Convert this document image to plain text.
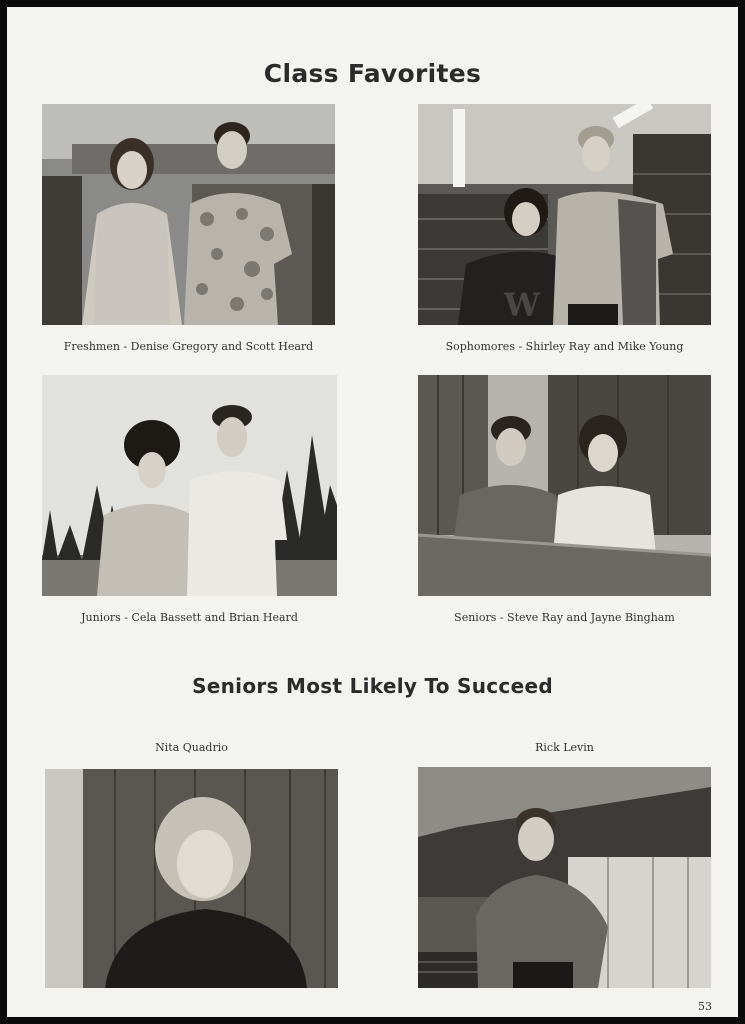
Class Favorites
Freshmen - Denise Gregory and Scott Heard
W
Sophomores - Shirley Ray and Mike Young
Juniors - Cela Bassett and Brian Heard	Seniors - Steve Ray and Jayne Bingham
Seniors Most Likely To Succeed
Nita Quadrio	Rick Levin
53
